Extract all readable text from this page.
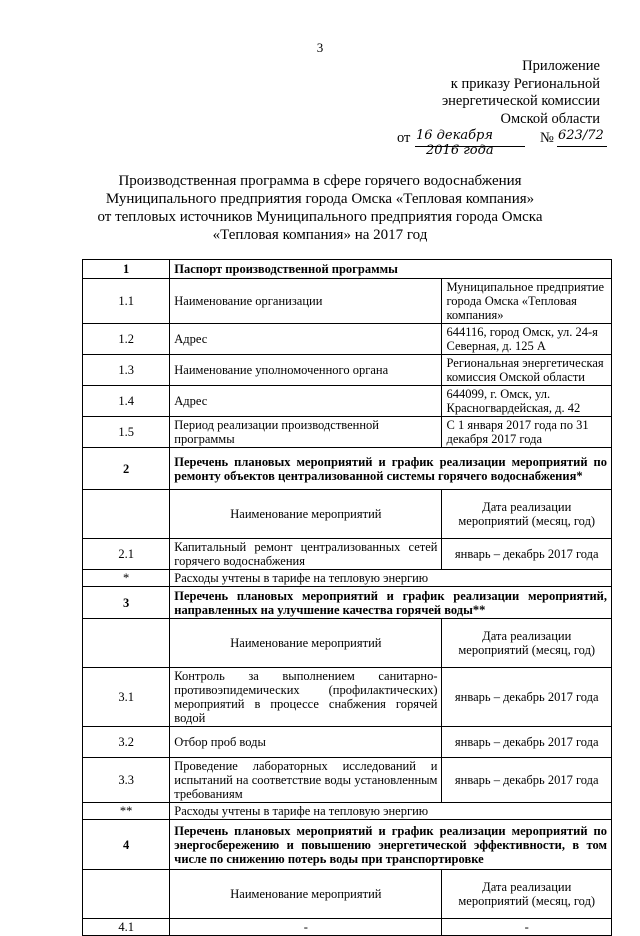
3
Приложение
к приказу Региональной
энергетической комиссии
Омской области
от	№
16 декабря
2016 года
623/72
Производственная программа в сфере горячего водоснабжения
Муниципального предприятия города Омска «Тепловая компания»
от тепловых источников Муниципального предприятия города Омска
«Тепловая компания» на 2017 год
1	Паспорт производственной программы	
1.1	Наименование организации	Муниципальное предприятие города Омска «Тепловая компания»
1.2	Адрес	644116, город Омск, ул. 24-я Северная, д. 125 А
1.3	Наименование уполномоченного органа	Региональная энергетическая комиссия Омской области
1.4	Адрес	644099, г. Омск, ул. Красногвардейская, д. 42
1.5	Период реализации производственной программы	С 1 января 2017 года по 31 декабря 2017 года
2	Перечень плановых мероприятий и график реализации мероприятий по ремонту объектов централизованной системы горячего водоснабжения*	
	Наименование мероприятий	Дата реализации мероприятий (месяц, год)
2.1	Капитальный ремонт централизованных сетей горячего водоснабжения	январь – декабрь 2017 года
*	Расходы учтены в тарифе на тепловую энергию	
3	Перечень плановых мероприятий и график реализации мероприятий, направленных на улучшение качества горячей воды**	
	Наименование мероприятий	Дата реализации мероприятий (месяц, год)
3.1	Контроль за выполнением санитарно-противоэпидемических (профилактических) мероприятий в процессе снабжения горячей водой	январь – декабрь 2017 года
3.2	Отбор проб воды	январь – декабрь 2017 года
3.3	Проведение лабораторных исследований и испытаний на соответствие воды установленным требованиям	январь – декабрь 2017 года
**	Расходы учтены в тарифе на тепловую энергию	
4	Перечень плановых мероприятий и график реализации мероприятий по энергосбережению и повышению энергетической эффективности, в том числе по снижению потерь воды при транспортировке	
	Наименование мероприятий	Дата реализации мероприятий (месяц, год)
4.1	-	-
